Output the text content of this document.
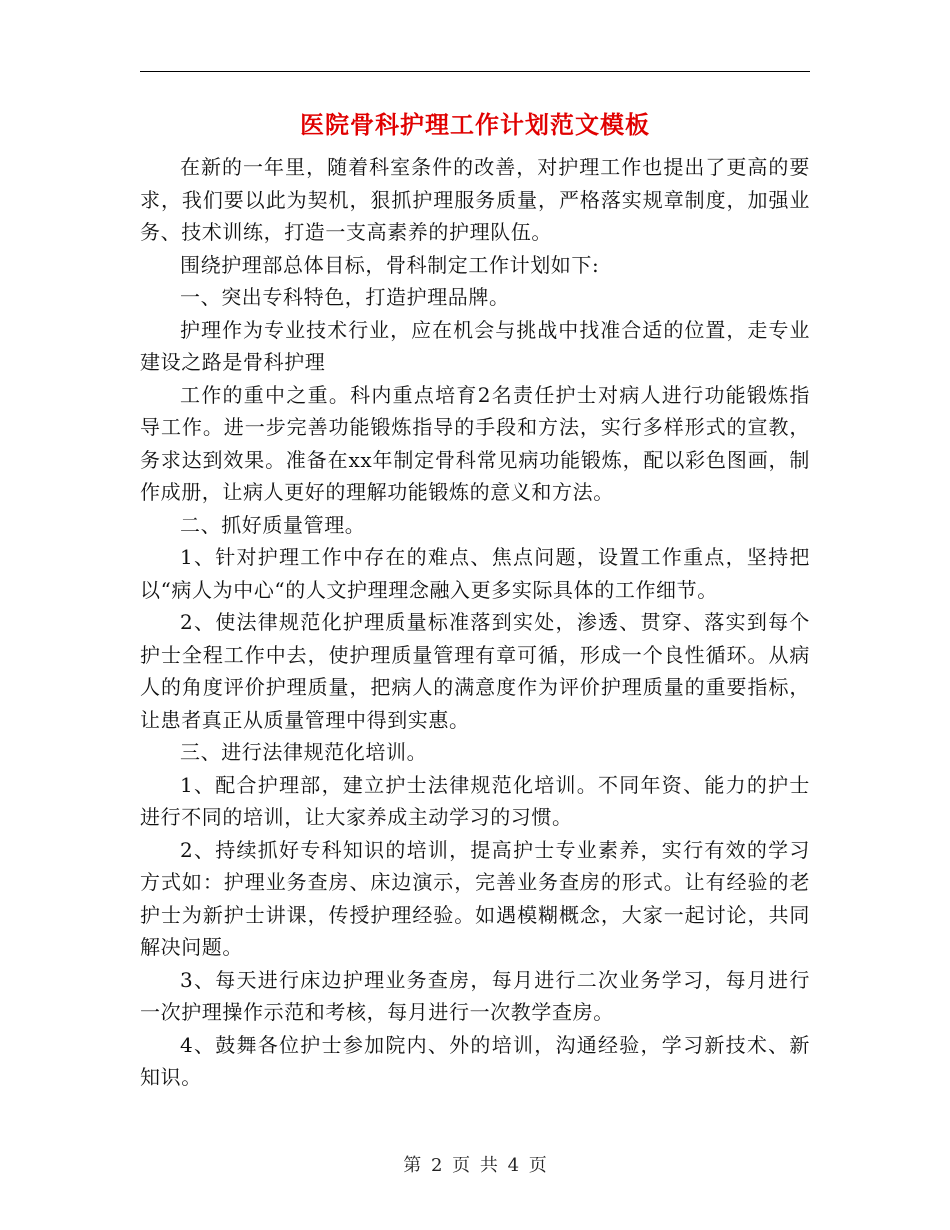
医院骨科护理工作计划范文模板

在新的一年里，随着科室条件的改善，对护理工作也提出了更高的要求，我们要以此为契机，狠抓护理服务质量，严格落实规章制度，加强业务、技术训练，打造一支高素养的护理队伍。

围绕护理部总体目标，骨科制定工作计划如下:

一、突出专科特色，打造护理品牌。

护理作为专业技术行业，应在机会与挑战中找准合适的位置，走专业建设之路是骨科护理

工作的重中之重。科内重点培育2名责任护士对病人进行功能锻炼指导工作。进一步完善功能锻炼指导的手段和方法，实行多样形式的宣教，务求达到效果。准备在xx年制定骨科常见病功能锻炼，配以彩色图画，制作成册，让病人更好的理解功能锻炼的意义和方法。

二、抓好质量管理。

1、针对护理工作中存在的难点、焦点问题，设置工作重点，坚持把以“病人为中心“的人文护理理念融入更多实际具体的工作细节。

2、使法律规范化护理质量标准落到实处，渗透、贯穿、落实到每个护士全程工作中去，使护理质量管理有章可循，形成一个良性循环。从病人的角度评价护理质量，把病人的满意度作为评价护理质量的重要指标，让患者真正从质量管理中得到实惠。

三、进行法律规范化培训。

1、配合护理部，建立护士法律规范化培训。不同年资、能力的护士进行不同的培训，让大家养成主动学习的习惯。

2、持续抓好专科知识的培训，提高护士专业素养，实行有效的学习方式如：护理业务查房、床边演示，完善业务查房的形式。让有经验的老护士为新护士讲课，传授护理经验。如遇模糊概念，大家一起讨论，共同解决问题。

3、每天进行床边护理业务查房，每月进行二次业务学习，每月进行一次护理操作示范和考核，每月进行一次教学查房。

4、鼓舞各位护士参加院内、外的培训，沟通经验，学习新技术、新知识。

第 2 页 共 4 页
